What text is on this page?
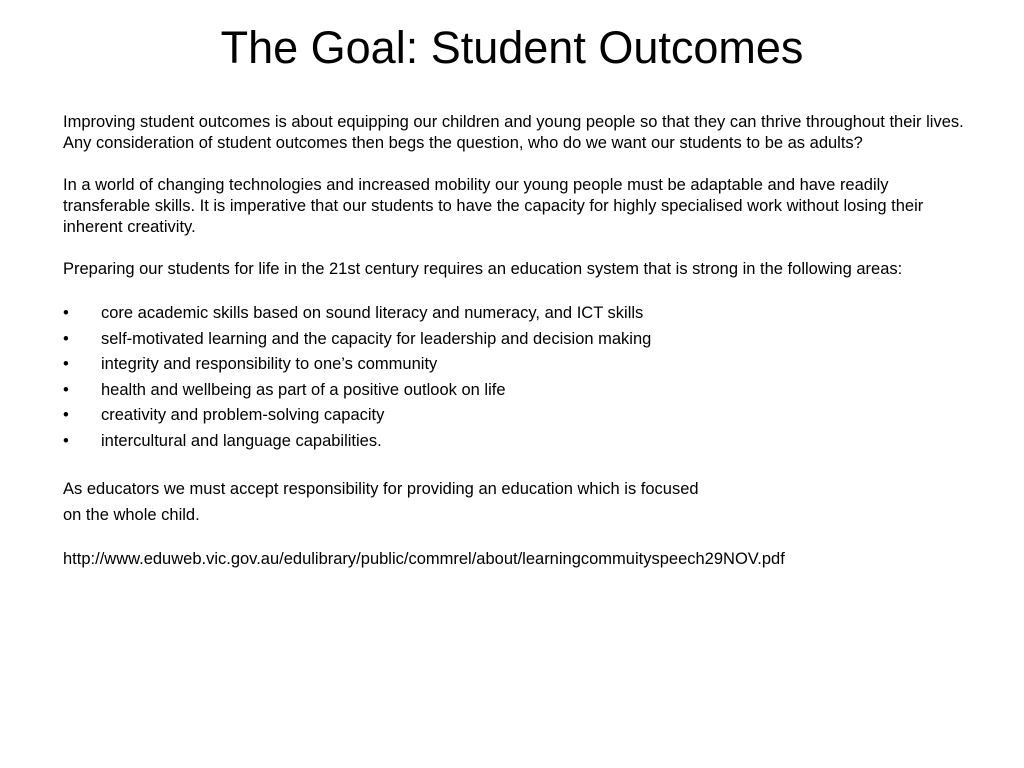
The Goal: Student Outcomes

Improving student outcomes is about equipping our children and young people so that they can thrive throughout their lives. Any consideration of student outcomes then begs the question, who do we want our students to be as adults?

In a world of changing technologies and increased mobility our young people must be adaptable and have readily transferable skills. It is imperative that our students to have the capacity for highly specialised work without losing their inherent creativity.

Preparing our students for life in the 21st century requires an education system that is strong in the following areas:

• core academic skills based on sound literacy and numeracy, and ICT skills
• self-motivated learning and the capacity for leadership and decision making
• integrity and responsibility to one’s community
• health and wellbeing as part of a positive outlook on life
• creativity and problem-solving capacity
• intercultural and language capabilities.

As educators we must accept responsibility for providing an education which is focused
on the whole child.

http://www.eduweb.vic.gov.au/edulibrary/public/commrel/about/learningcommuityspeech29NOV.pdf
